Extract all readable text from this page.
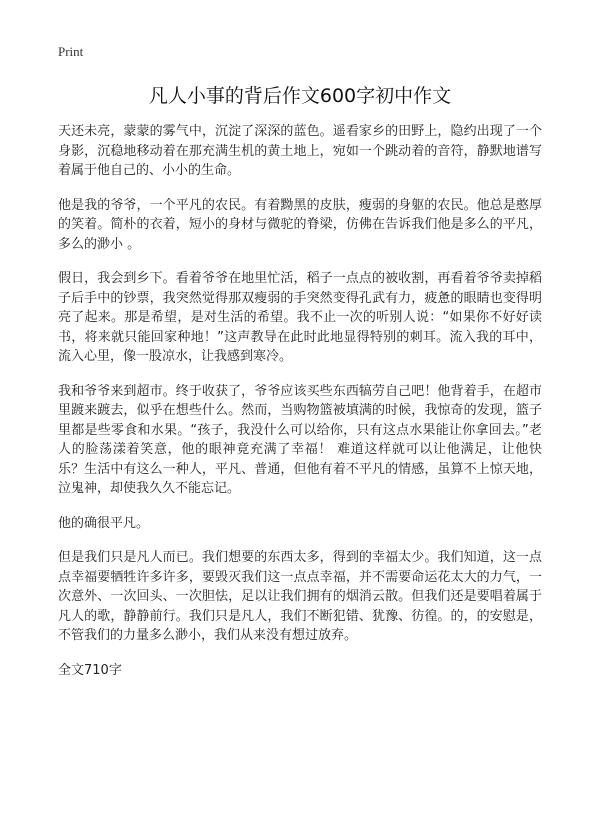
Print
凡人小事的背后作文600字初中作文

天还未亮，蒙蒙的雾气中，沉淀了深深的蓝色。遥看家乡的田野上，隐约出现了一个身影，沉稳地移动着在那充满生机的黄土地上，宛如一个跳动着的音符，静默地谱写着属于他自己的、小小的生命。

他是我的爷爷，一个平凡的农民。有着黝黑的皮肤，瘦弱的身躯的农民。他总是憨厚的笑着。简朴的衣着，短小的身材与微驼的脊梁，仿佛在告诉我们他是多么的平凡，多么的渺小 。

假日，我会到乡下。看着爷爷在地里忙活，稻子一点点的被收割，再看着爷爷卖掉稻子后手中的钞票，我突然觉得那双瘦弱的手突然变得孔武有力，疲惫的眼睛也变得明亮了起来。那是希望，是对生活的希望。我不止一次的听别人说：“如果你不好好读书，将来就只能回家种地！”这声教导在此时此地显得特别的刺耳。流入我的耳中，流入心里，像一股凉水，让我感到寒冷。

我和爷爷来到超市。终于收获了，爷爷应该买些东西犒劳自己吧！他背着手，在超市里踱来踱去，似乎在想些什么。然而，当购物篮被填满的时候，我惊奇的发现，篮子里都是些零食和水果。“孩子，我没什么可以给你，只有这点水果能让你拿回去。”老人的脸荡漾着笑意，他的眼神竟充满了幸福！ 难道这样就可以让他满足，让他快乐？生活中有这么一种人，平凡、普通，但他有着不平凡的情感，虽算不上惊天地，泣鬼神，却使我久久不能忘记。

他的确很平凡。

但是我们只是凡人而已。我们想要的东西太多，得到的幸福太少。我们知道，这一点点幸福要牺牲许多许多，要毁灭我们这一点点幸福，并不需要命运花太大的力气，一次意外、一次回头、一次胆怯，足以让我们拥有的烟消云散。但我们还是要唱着属于凡人的歌，静静前行。我们只是凡人，我们不断犯错、犹豫、彷徨。的，的安慰是，不管我们的力量多么渺小，我们从来没有想过放弃。

全文710字
